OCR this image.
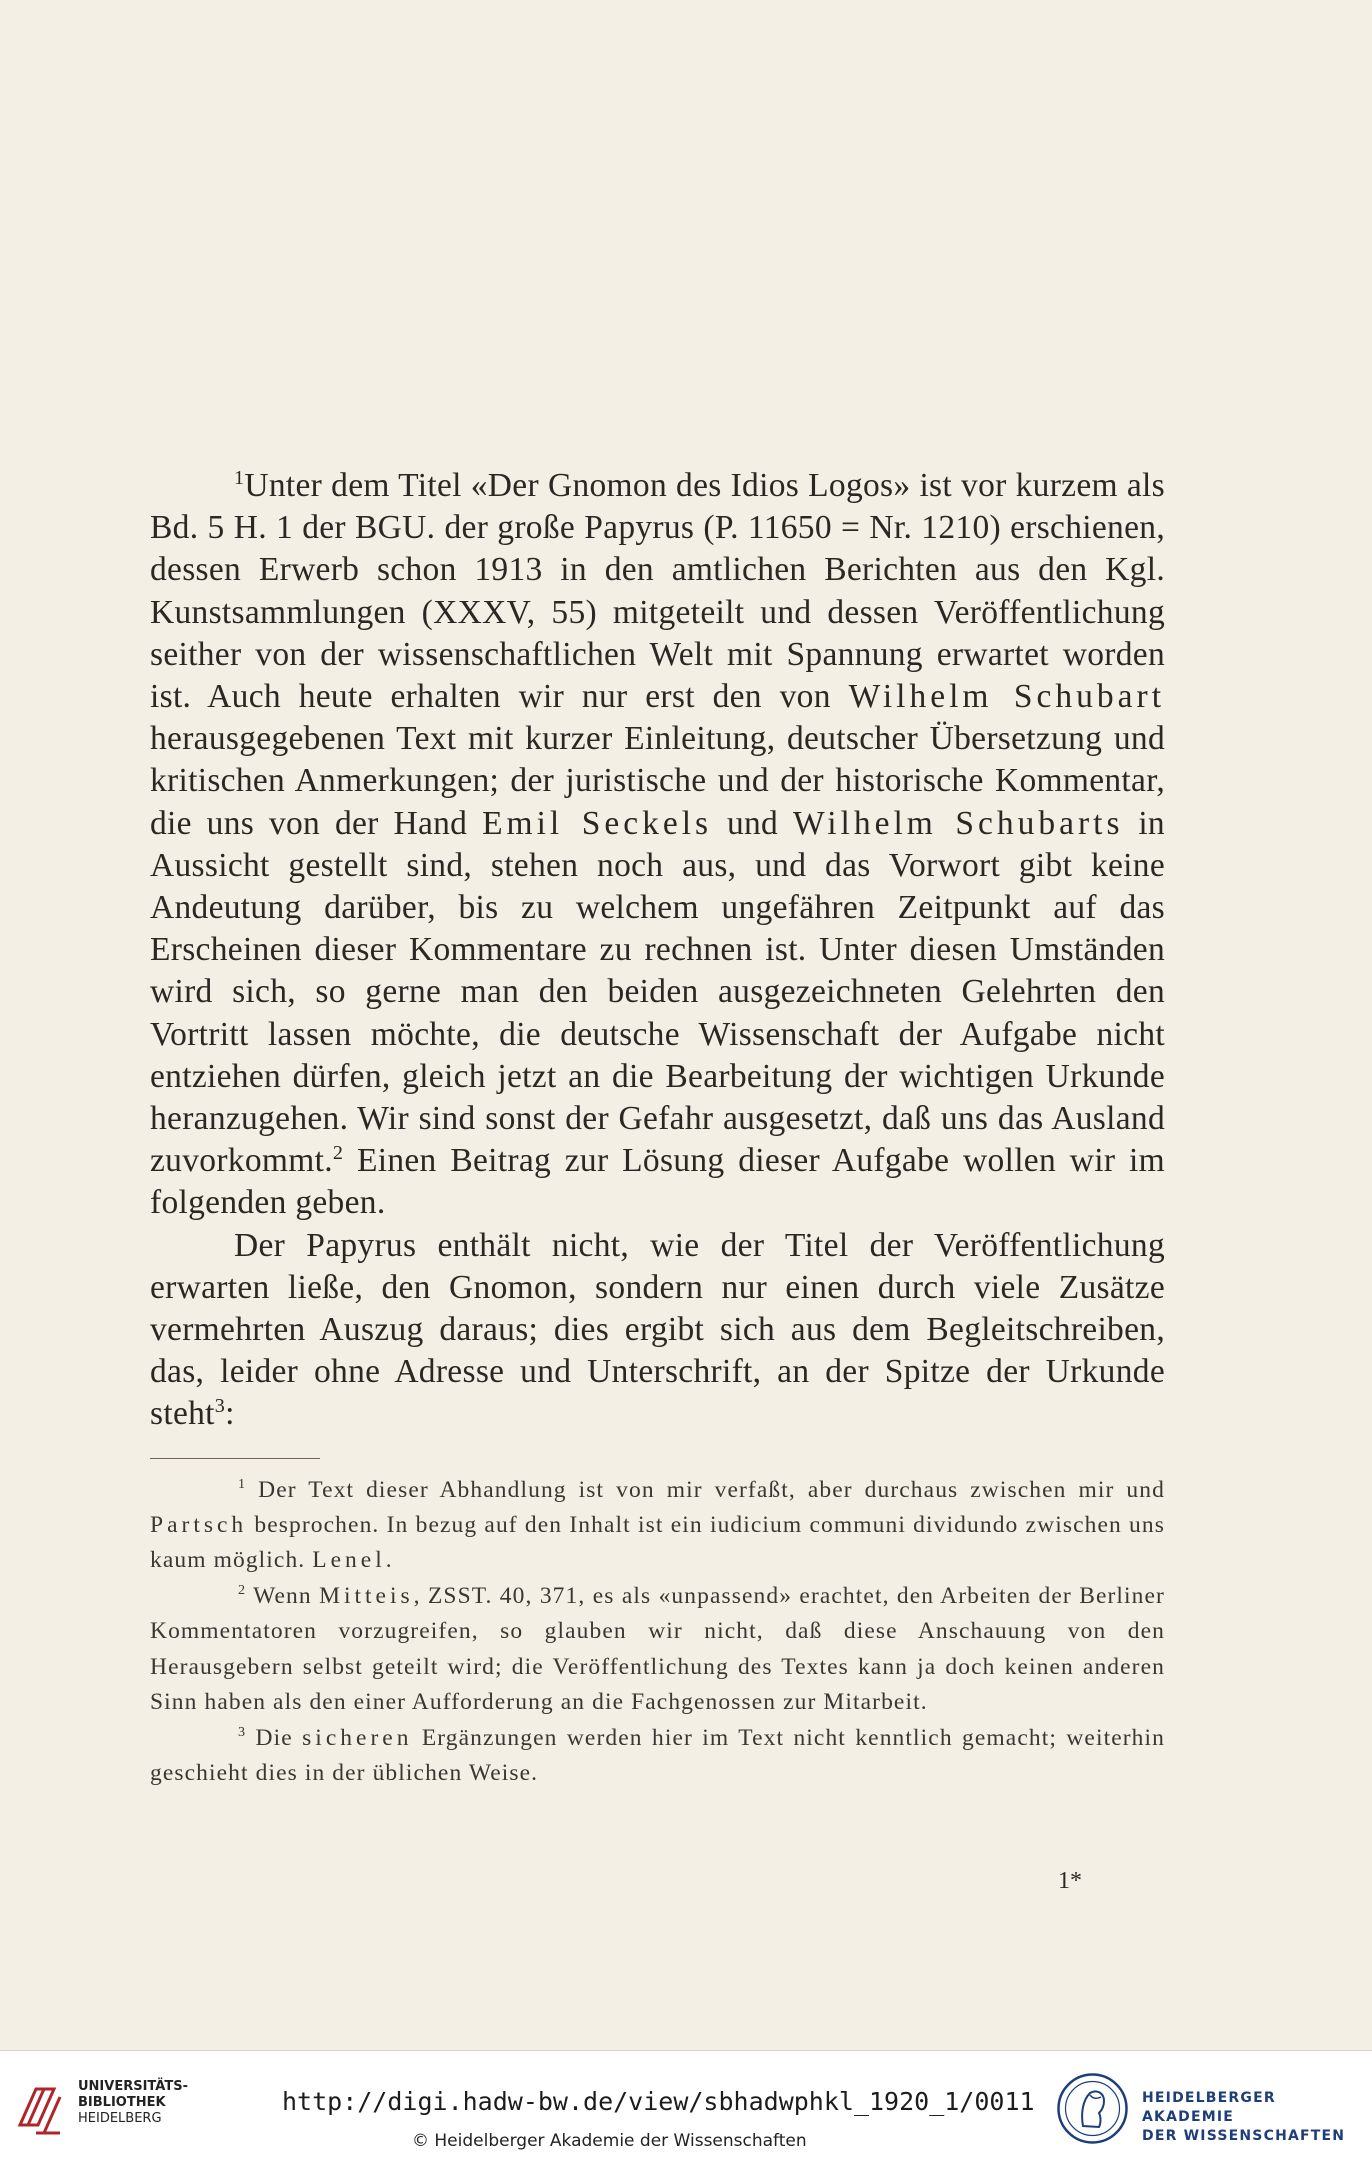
$^1$Unter dem Titel «Der Gnomon des Idios Logos» ist vor kurzem als Bd. 5 H. 1 der BGU. der große Papyrus (P. 11650 = Nr. 1210) erschienen, dessen Erwerb schon 1913 in den amtlichen Berichten aus den Kgl. Kunstsammlungen (XXXV, 55) mitgeteilt und dessen Veröffentlichung seither von der wissenschaftlichen Welt mit Spannung erwartet worden ist. Auch heute erhalten wir nur erst den von Wilhelm Schubart herausgegebenen Text mit kurzer Einleitung, deutscher Übersetzung und kritischen Anmerkungen; der juristische und der historische Kommentar, die uns von der Hand Emil Seckels und Wilhelm Schubarts in Aussicht gestellt sind, stehen noch aus, und das Vorwort gibt keine Andeutung darüber, bis zu welchem ungefähren Zeitpunkt auf das Erscheinen dieser Kommentare zu rechnen ist. Unter diesen Umständen wird sich, so gerne man den beiden ausgezeichneten Gelehrten den Vortritt lassen möchte, die deutsche Wissenschaft der Aufgabe nicht entziehen dürfen, gleich jetzt an die Bearbeitung der wichtigen Urkunde heranzugehen. Wir sind sonst der Gefahr ausgesetzt, daß uns das Ausland zuvorkommt.$^2$ Einen Beitrag zur Lösung dieser Aufgabe wollen wir im folgenden geben.

Der Papyrus enthält nicht, wie der Titel der Veröffentlichung erwarten ließe, den Gnomon, sondern nur einen durch viele Zusätze vermehrten Auszug daraus; dies ergibt sich aus dem Begleitschreiben, das, leider ohne Adresse und Unterschrift, an der Spitze der Urkunde steht$^3$:

$^1$ Der Text dieser Abhandlung ist von mir verfaßt, aber durchaus zwischen mir und Partsch besprochen. In bezug auf den Inhalt ist ein iudicium communi dividundo zwischen uns kaum möglich. Lenel.

$^2$ Wenn Mitteis, ZSST. 40, 371, es als «unpassend» erachtet, den Arbeiten der Berliner Kommentatoren vorzugreifen, so glauben wir nicht, daß diese Anschauung von den Herausgebern selbst geteilt wird; die Veröffentlichung des Textes kann ja doch keinen anderen Sinn haben als den einer Aufforderung an die Fachgenossen zur Mitarbeit.

$^3$ Die sicheren Ergänzungen werden hier im Text nicht kenntlich gemacht; weiterhin geschieht dies in der üblichen Weise.

1*
UNIVERSITÄTS-
BIBLIOTHEK
HEIDELBERG
http://digi.hadw-bw.de/view/sbhadwphkl_1920_1/0011
© Heidelberger Akademie der Wissenschaften
HEIDELBERGER AKADEMIE
DER WISSENSCHAFTEN
